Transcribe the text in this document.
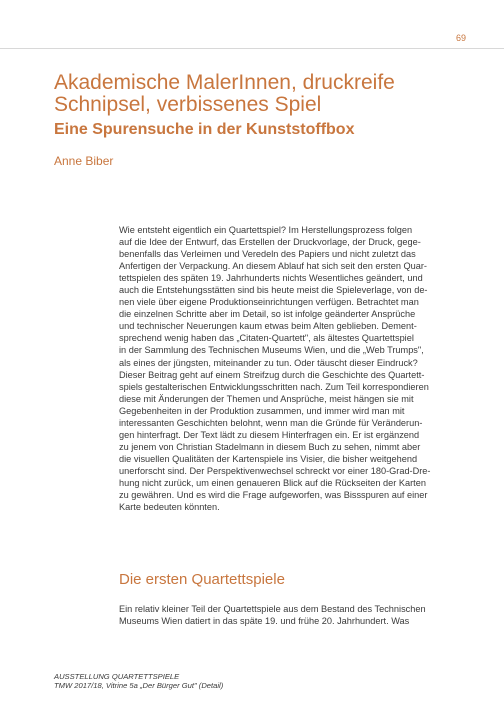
69
Akademische MalerInnen, druckreife
Schnipsel, verbissenes Spiel
Eine Spurensuche in der Kunststoffbox
Anne Biber
Wie entsteht eigentlich ein Quartettspiel? Im Herstellungsprozess folgen
auf die Idee der Entwurf, das Erstellen der Druckvorlage, der Druck, gege-
benenfalls das Verleimen und Veredeln des Papiers und nicht zuletzt das
Anfertigen der Verpackung. An diesem Ablauf hat sich seit den ersten Quar-
tettspielen des späten 19. Jahrhunderts nichts Wesentliches geändert, und
auch die Entstehungsstätten sind bis heute meist die Spieleverlage, von de-
nen viele über eigene Produktionseinrichtungen verfügen. Betrachtet man
die einzelnen Schritte aber im Detail, so ist infolge geänderter Ansprüche
und technischer Neuerungen kaum etwas beim Alten geblieben. Dement-
sprechend wenig haben das „Citaten-Quartett", als ältestes Quartettspiel
in der Sammlung des Technischen Museums Wien, und die „Web Trumps",
als eines der jüngsten, miteinander zu tun. Oder täuscht dieser Eindruck?
Dieser Beitrag geht auf einem Streifzug durch die Geschichte des Quartett-
spiels gestalterischen Entwicklungsschritten nach. Zum Teil korrespondieren
diese mit Änderungen der Themen und Ansprüche, meist hängen sie mit
Gegebenheiten in der Produktion zusammen, und immer wird man mit
interessanten Geschichten belohnt, wenn man die Gründe für Veränderun-
gen hinterfragt. Der Text lädt zu diesem Hinterfragen ein. Er ist ergänzend
zu jenem von Christian Stadelmann in diesem Buch zu sehen, nimmt aber
die visuellen Qualitäten der Kartenspiele ins Visier, die bisher weitgehend
unerforscht sind. Der Perspektivenwechsel schreckt vor einer 180-Grad-Dre-
hung nicht zurück, um einen genaueren Blick auf die Rückseiten der Karten
zu gewähren. Und es wird die Frage aufgeworfen, was Bissspuren auf einer
Karte bedeuten könnten.
Die ersten Quartettspiele
Ein relativ kleiner Teil der Quartettspiele aus dem Bestand des Technischen
Museums Wien datiert in das späte 19. und frühe 20. Jahrhundert. Was
AUSSTELLUNG QUARTETTSPIELE
TMW 2017/18, Vitrine 5a „Der Bürger Gut" (Detail)
